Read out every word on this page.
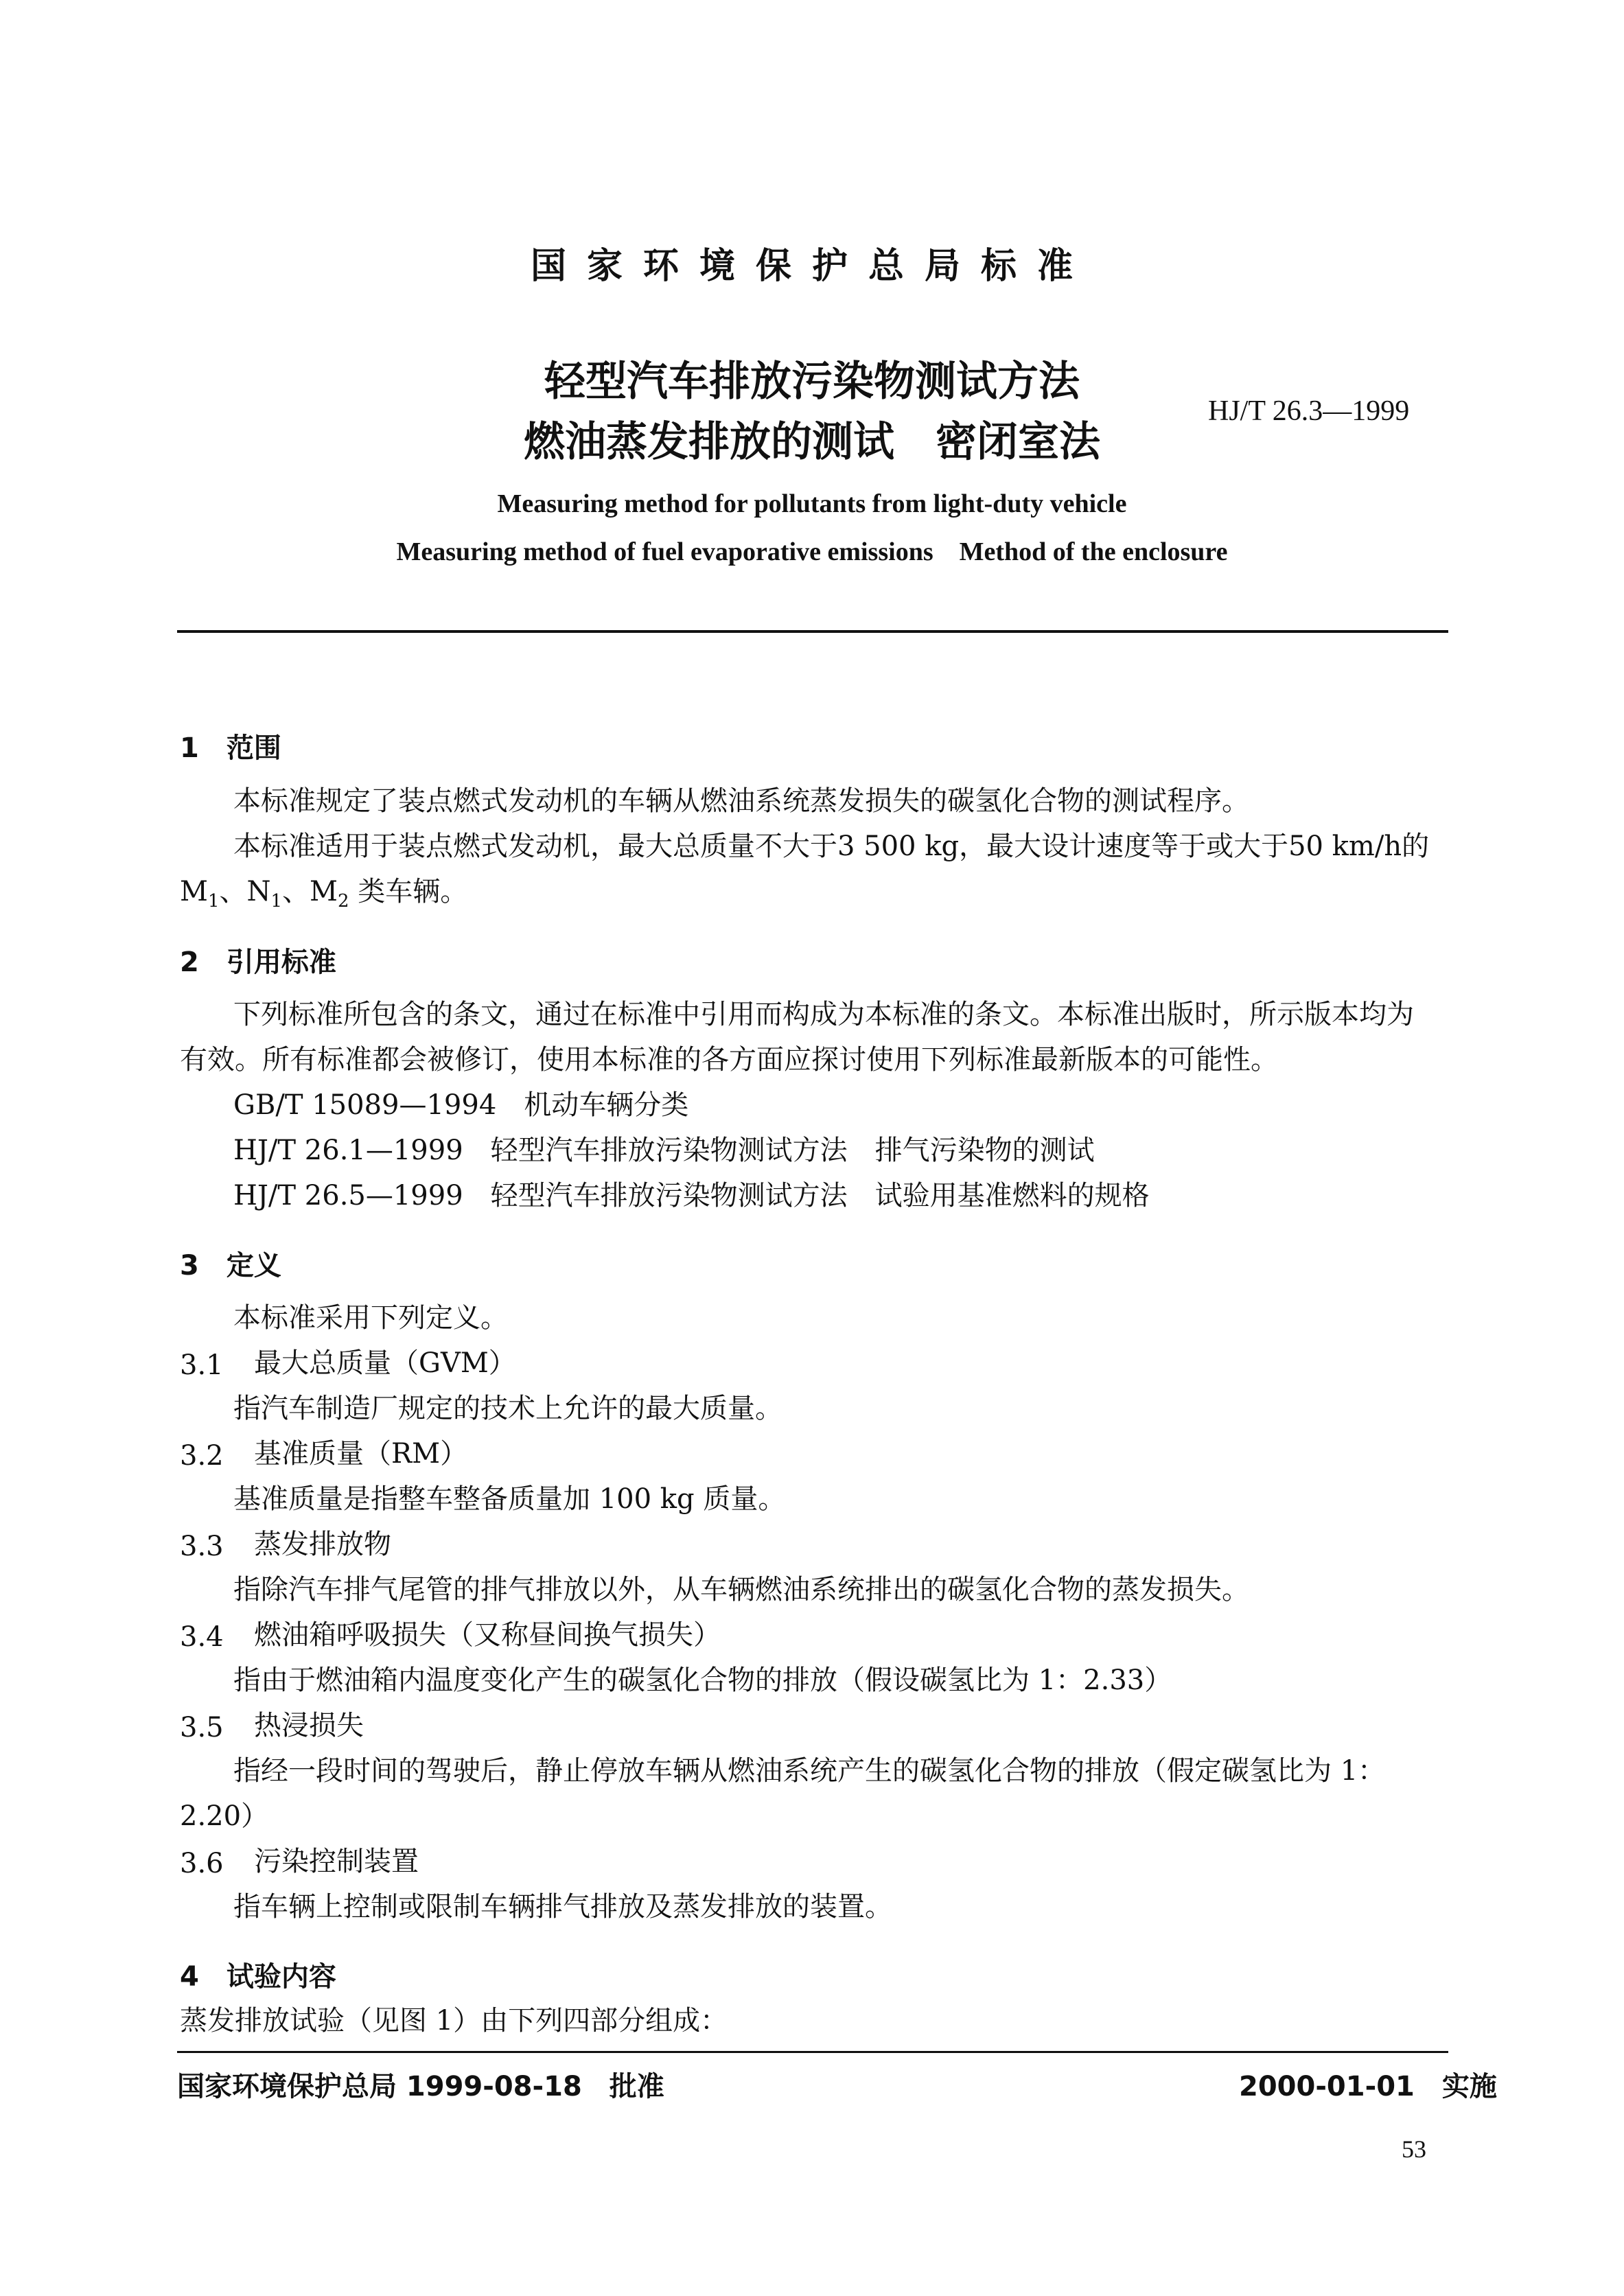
国家环境保护总局标准
轻型汽车排放污染物测试方法
燃油蒸发排放的测试　密闭室法
HJ/T 26.3—1999
Measuring method for pollutants from light-duty vehicle
Measuring method of fuel evaporative emissions　Method of the enclosure
1　范围
本标准规定了装点燃式发动机的车辆从燃油系统蒸发损失的碳氢化合物的测试程序。
本标准适用于装点燃式发动机，最大总质量不大于3 500 kg，最大设计速度等于或大于50 km/h的
$M_1$、$N_1$、$M_2$ 类车辆。
2　引用标准
下列标准所包含的条文，通过在标准中引用而构成为本标准的条文。本标准出版时，所示版本均为
有效。所有标准都会被修订，使用本标准的各方面应探讨使用下列标准最新版本的可能性。
GB/T 15089—1994　机动车辆分类
HJ/T 26.1—1999　轻型汽车排放污染物测试方法　排气污染物的测试
HJ/T 26.5—1999　轻型汽车排放污染物测试方法　试验用基准燃料的规格
3　定义
本标准采用下列定义。
3.1 最大总质量（GVM）
指汽车制造厂规定的技术上允许的最大质量。
3.2 基准质量（RM）
基准质量是指整车整备质量加 100 kg 质量。
3.3 蒸发排放物
指除汽车排气尾管的排气排放以外，从车辆燃油系统排出的碳氢化合物的蒸发损失。
3.4 燃油箱呼吸损失（又称昼间换气损失）
指由于燃油箱内温度变化产生的碳氢化合物的排放（假设碳氢比为 1：2.33）
3.5 热浸损失
指经一段时间的驾驶后，静止停放车辆从燃油系统产生的碳氢化合物的排放（假定碳氢比为 1：
2.20）
3.6 污染控制装置
指车辆上控制或限制车辆排气排放及蒸发排放的装置。
4　试验内容
蒸发排放试验（见图 1）由下列四部分组成：
国家环境保护总局 1999-08-18　批准	2000-01-01　实施
53
